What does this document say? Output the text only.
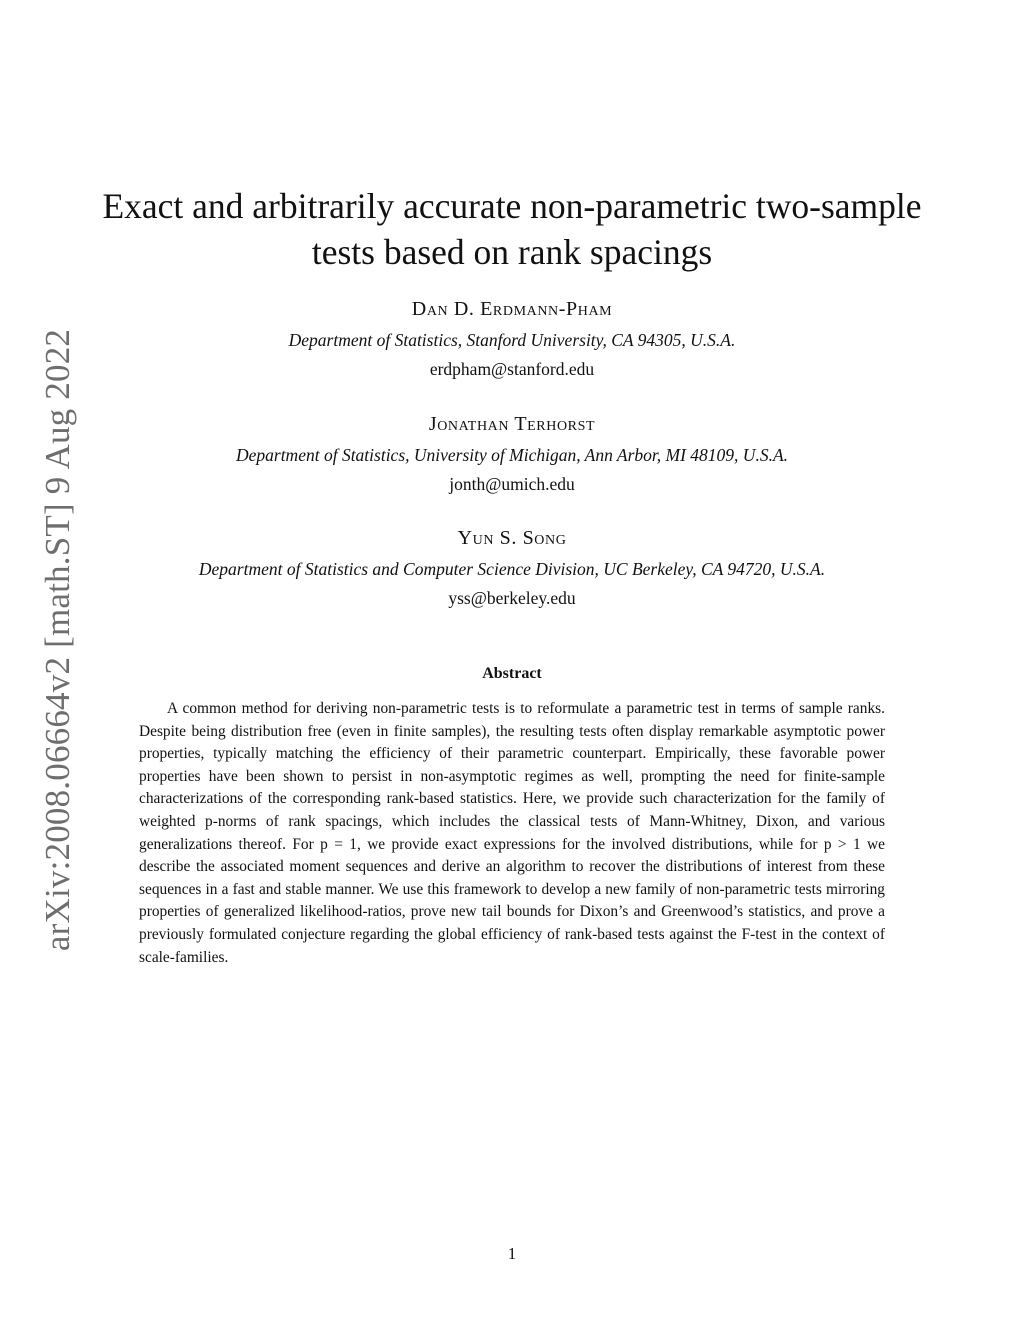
arXiv:2008.06664v2 [math.ST] 9 Aug 2022
Exact and arbitrarily accurate non-parametric two-sample tests based on rank spacings
Dan D. Erdmann-Pham
Department of Statistics, Stanford University, CA 94305, U.S.A.
erdpham@stanford.edu
Jonathan Terhorst
Department of Statistics, University of Michigan, Ann Arbor, MI 48109, U.S.A.
jonth@umich.edu
Yun S. Song
Department of Statistics and Computer Science Division, UC Berkeley, CA 94720, U.S.A.
yss@berkeley.edu
Abstract

A common method for deriving non-parametric tests is to reformulate a parametric test in terms of sample ranks. Despite being distribution free (even in finite samples), the resulting tests often display remarkable asymptotic power properties, typically matching the efficiency of their parametric counterpart. Empirically, these favorable power properties have been shown to persist in non-asymptotic regimes as well, prompting the need for finite-sample characterizations of the corresponding rank-based statistics. Here, we provide such characterization for the family of weighted p-norms of rank spacings, which includes the classical tests of Mann-Whitney, Dixon, and various generalizations thereof. For p = 1, we provide exact expressions for the involved distributions, while for p > 1 we describe the associated moment sequences and derive an algorithm to recover the distributions of interest from these sequences in a fast and stable manner. We use this framework to develop a new family of non-parametric tests mirroring properties of generalized likelihood-ratios, prove new tail bounds for Dixon’s and Greenwood’s statistics, and prove a previously formulated conjecture regarding the global efficiency of rank-based tests against the F-test in the context of scale-families.

1
